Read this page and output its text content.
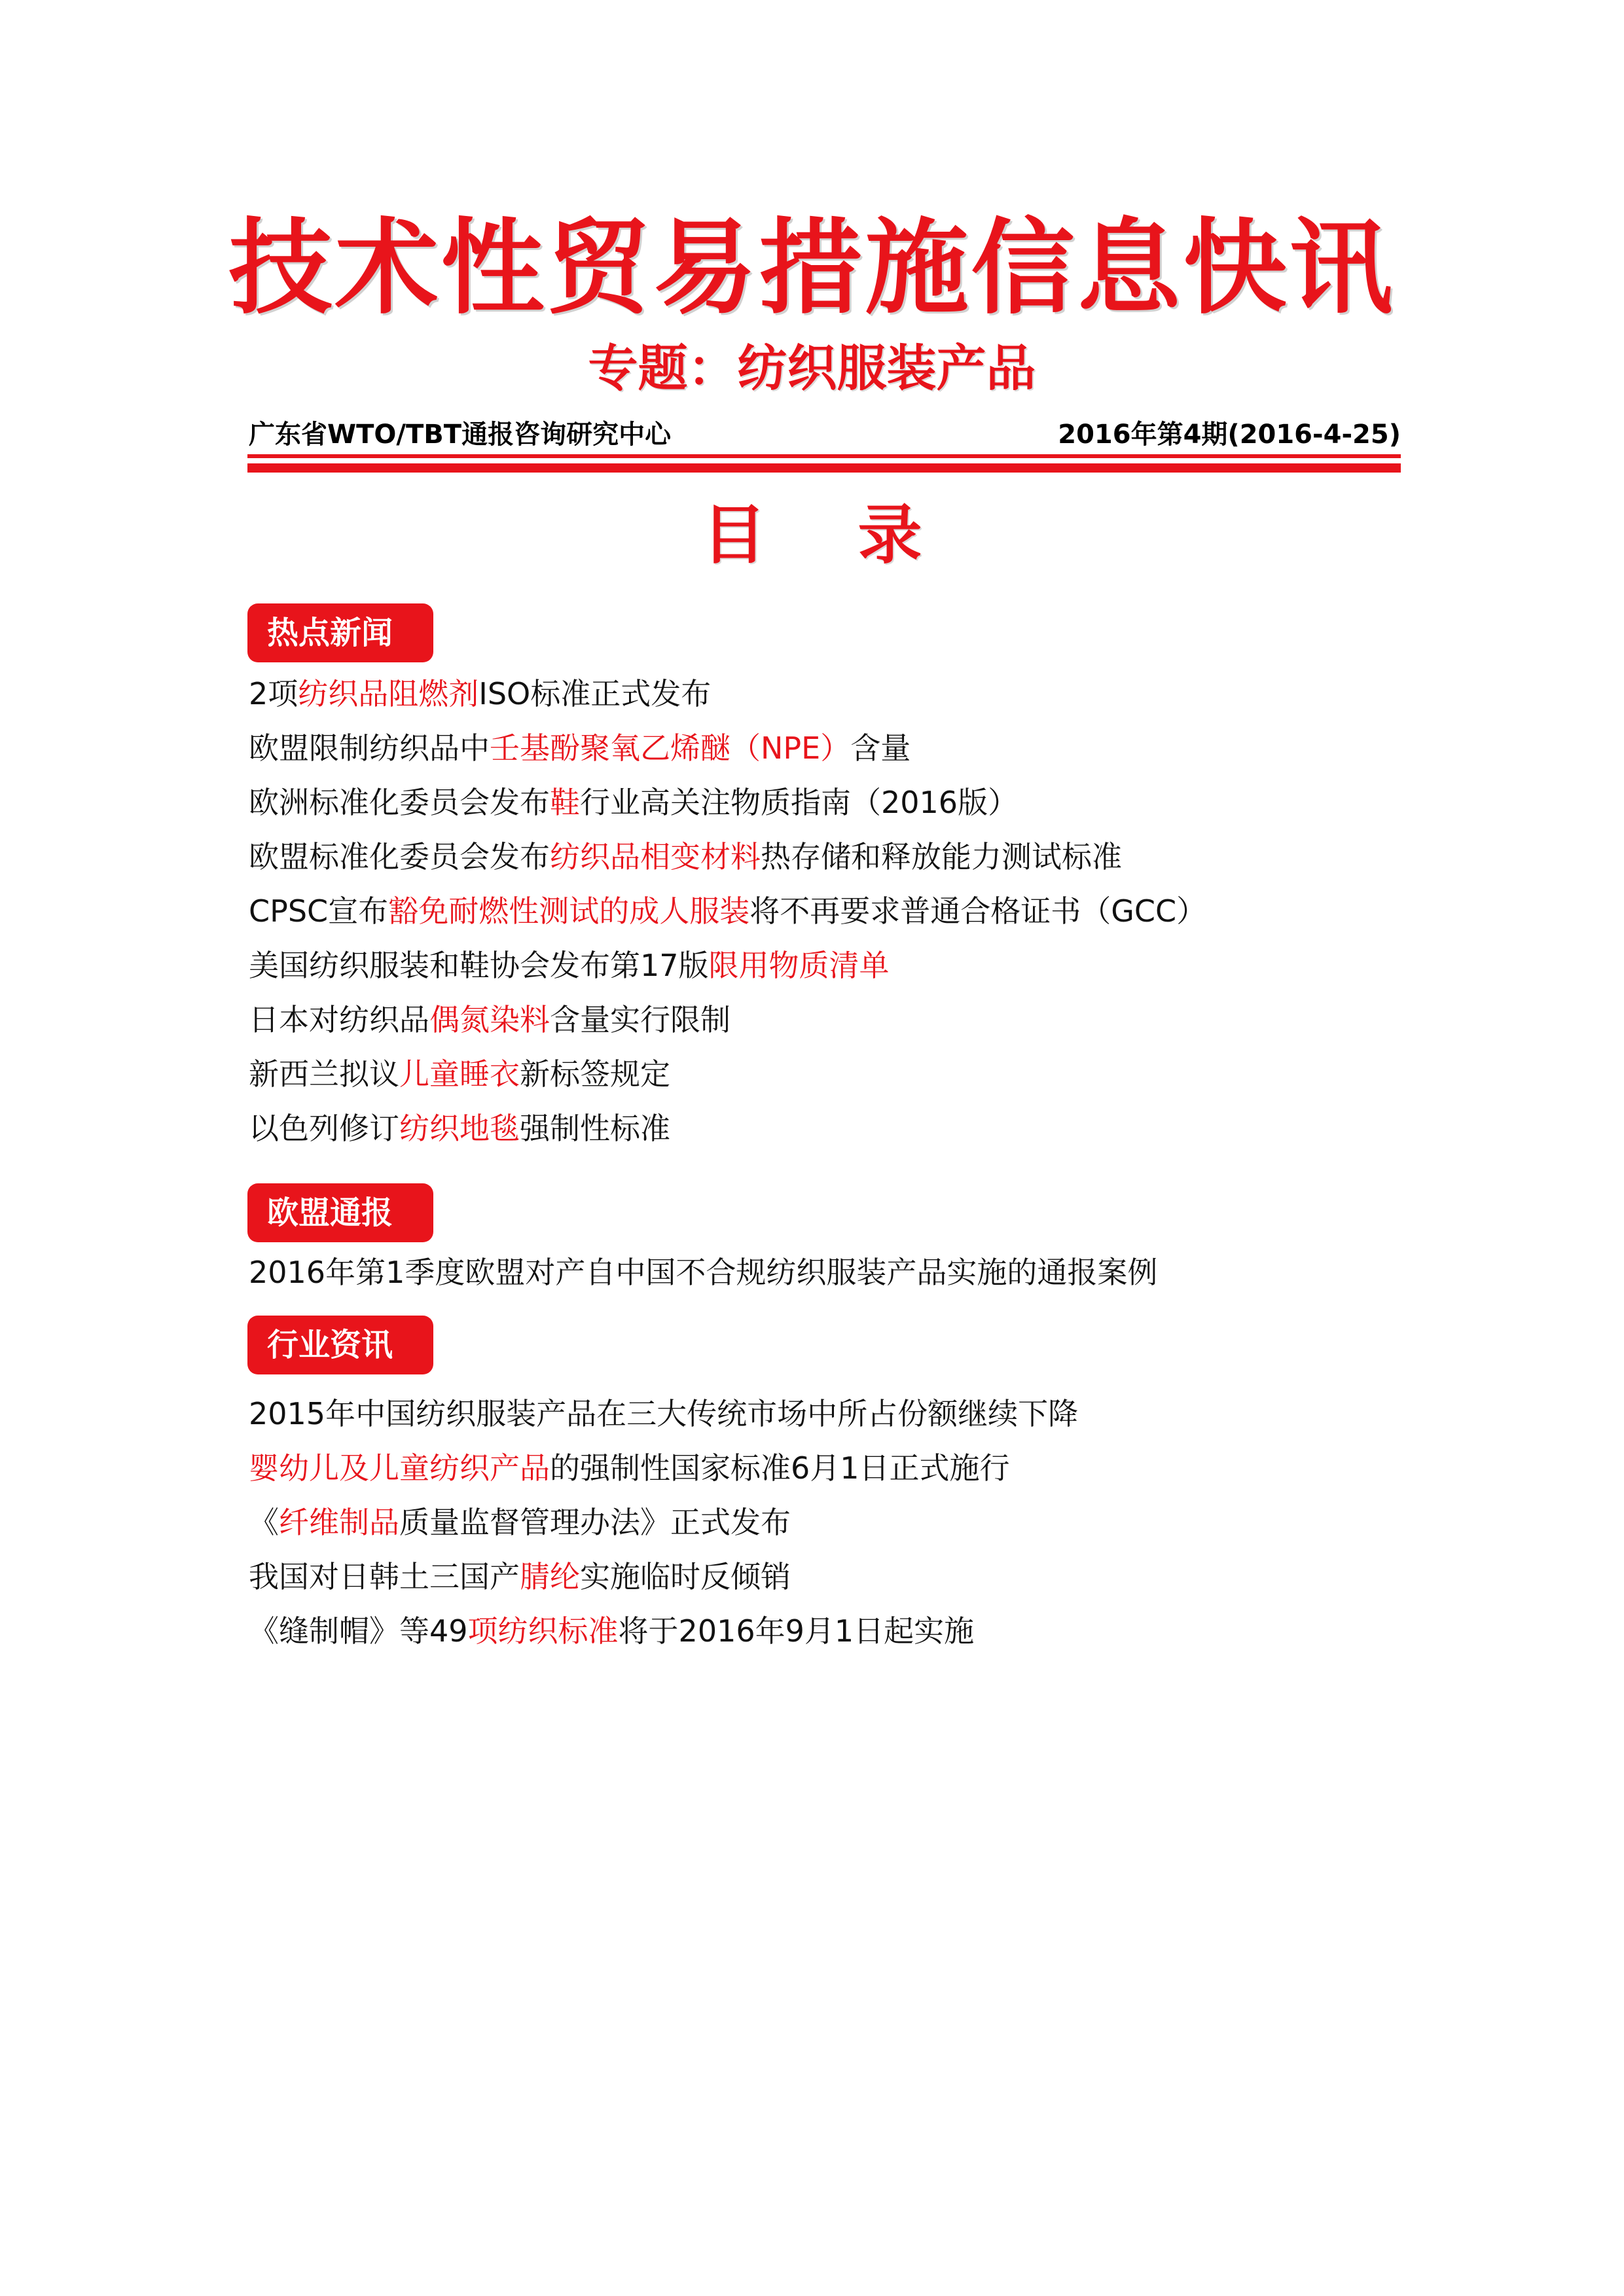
技术性贸易措施信息快讯
专题：纺织服装产品
广东省WTO/TBT通报咨询研究中心	2016年第4期(2016-4-25)
目录
热点新闻
2项纺织品阻燃剂ISO标准正式发布
欧盟限制纺织品中壬基酚聚氧乙烯醚（NPE）含量
欧洲标准化委员会发布鞋行业高关注物质指南（2016版）
欧盟标准化委员会发布纺织品相变材料热存储和释放能力测试标准
CPSC宣布豁免耐燃性测试的成人服装将不再要求普通合格证书（GCC）
美国纺织服装和鞋协会发布第17版限用物质清单
日本对纺织品偶氮染料含量实行限制
新西兰拟议儿童睡衣新标签规定
以色列修订纺织地毯强制性标准
欧盟通报
2016年第1季度欧盟对产自中国不合规纺织服装产品实施的通报案例
行业资讯
2015年中国纺织服装产品在三大传统市场中所占份额继续下降
婴幼儿及儿童纺织产品的强制性国家标准6月1日正式施行
《纤维制品质量监督管理办法》正式发布
我国对日韩土三国产腈纶实施临时反倾销
《缝制帽》等49项纺织标准将于2016年9月1日起实施
